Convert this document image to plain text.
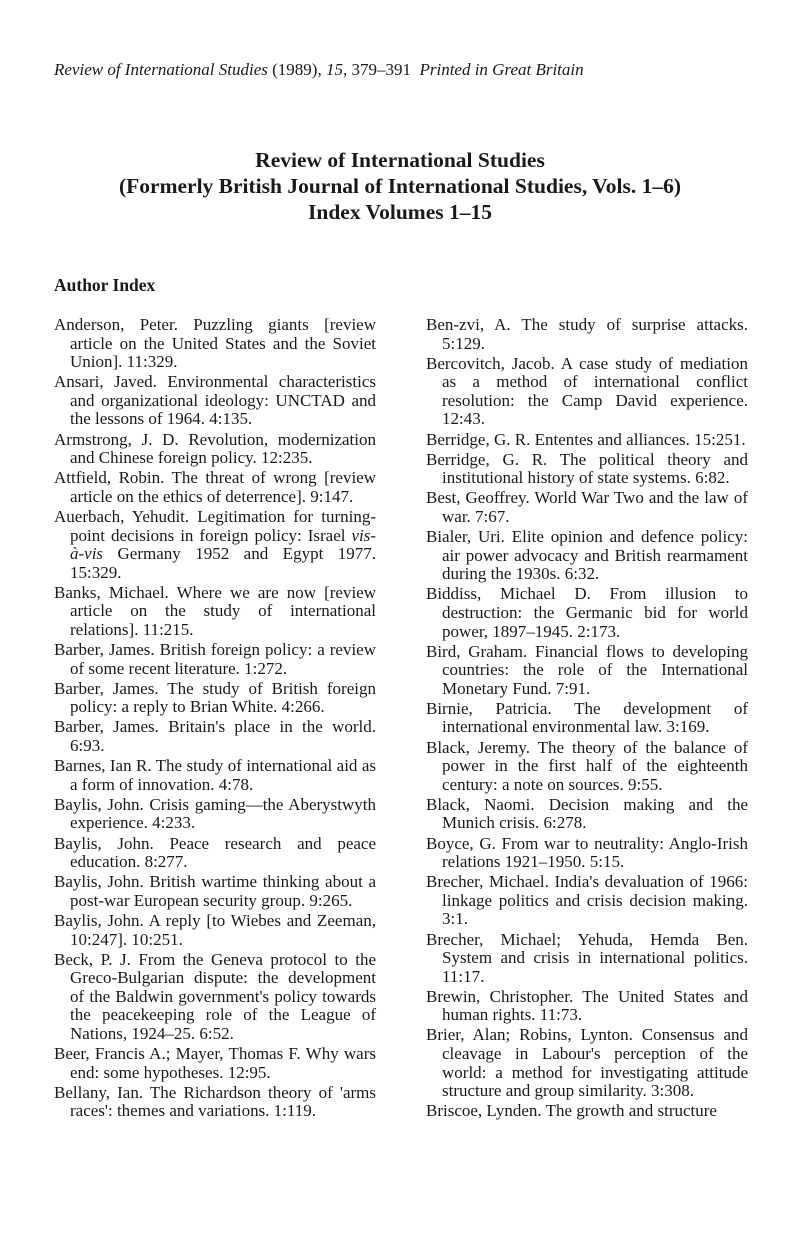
Review of International Studies (1989), 15, 379–391 Printed in Great Britain
Review of International Studies
(Formerly British Journal of International Studies, Vols. 1–6)
Index Volumes 1–15
Author Index

Anderson, Peter. Puzzling giants [review article on the United States and the Soviet Union]. 11:329.

Ansari, Javed. Environmental characteristics and organizational ideology: UNCTAD and the lessons of 1964. 4:135.

Armstrong, J. D. Revolution, modernization and Chinese foreign policy. 12:235.

Attfield, Robin. The threat of wrong [review article on the ethics of deterrence]. 9:147.

Auerbach, Yehudit. Legitimation for turning-point decisions in foreign policy: Israel vis-à-vis Germany 1952 and Egypt 1977. 15:329.

Banks, Michael. Where we are now [review article on the study of international relations]. 11:215.

Barber, James. British foreign policy: a review of some recent literature. 1:272.

Barber, James. The study of British foreign policy: a reply to Brian White. 4:266.

Barber, James. Britain's place in the world. 6:93.

Barnes, Ian R. The study of international aid as a form of innovation. 4:78.

Baylis, John. Crisis gaming—the Aberystwyth experience. 4:233.

Baylis, John. Peace research and peace education. 8:277.

Baylis, John. British wartime thinking about a post-war European security group. 9:265.

Baylis, John. A reply [to Wiebes and Zeeman, 10:247]. 10:251.

Beck, P. J. From the Geneva protocol to the Greco-Bulgarian dispute: the development of the Baldwin government's policy towards the peacekeeping role of the League of Nations, 1924–25. 6:52.

Beer, Francis A.; Mayer, Thomas F. Why wars end: some hypotheses. 12:95.

Bellany, Ian. The Richardson theory of 'arms races': themes and variations. 1:119.

Ben-zvi, A. The study of surprise attacks. 5:129.

Bercovitch, Jacob. A case study of mediation as a method of international conflict resolution: the Camp David experience. 12:43.

Berridge, G. R. Ententes and alliances. 15:251.

Berridge, G. R. The political theory and institutional history of state systems. 6:82.

Best, Geoffrey. World War Two and the law of war. 7:67.

Bialer, Uri. Elite opinion and defence policy: air power advocacy and British rearmament during the 1930s. 6:32.

Biddiss, Michael D. From illusion to destruction: the Germanic bid for world power, 1897–1945. 2:173.

Bird, Graham. Financial flows to developing countries: the role of the International Monetary Fund. 7:91.

Birnie, Patricia. The development of international environmental law. 3:169.

Black, Jeremy. The theory of the balance of power in the first half of the eighteenth century: a note on sources. 9:55.

Black, Naomi. Decision making and the Munich crisis. 6:278.

Boyce, G. From war to neutrality: Anglo-Irish relations 1921–1950. 5:15.

Brecher, Michael. India's devaluation of 1966: linkage politics and crisis decision making. 3:1.

Brecher, Michael; Yehuda, Hemda Ben. System and crisis in international politics. 11:17.

Brewin, Christopher. The United States and human rights. 11:73.

Brier, Alan; Robins, Lynton. Consensus and cleavage in Labour's perception of the world: a method for investigating attitude structure and group similarity. 3:308.

Briscoe, Lynden. The growth and structure
